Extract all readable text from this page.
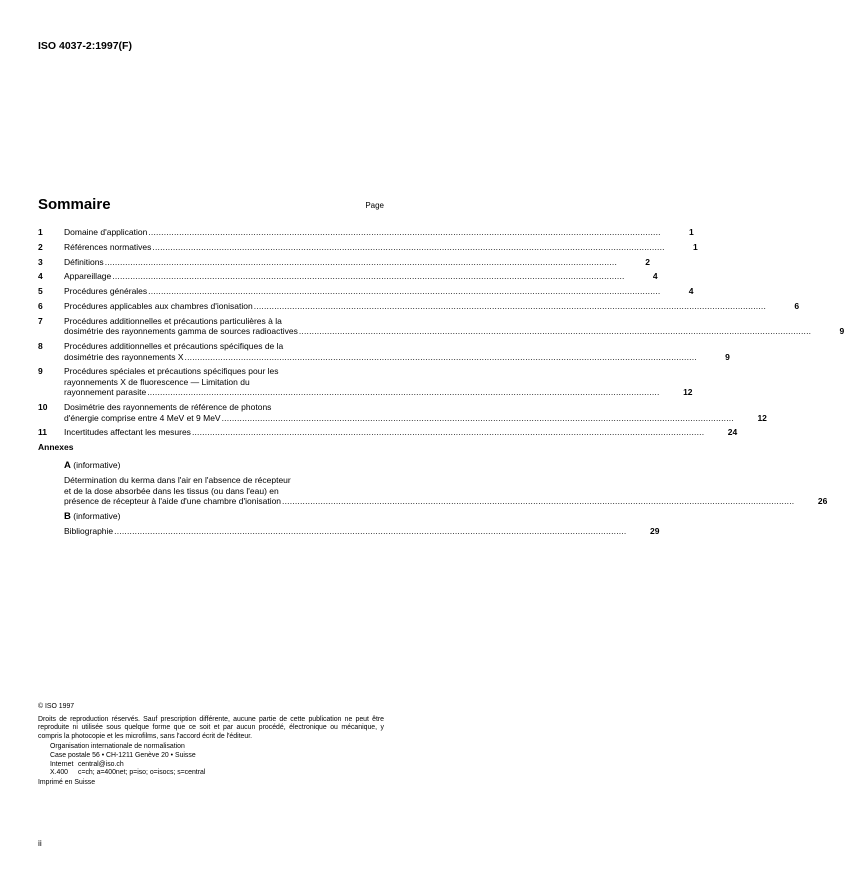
ISO 4037-2:1997(F)
Sommaire	Page
1	Domaine d'application ........................................................................................................................................................................................................	1
2	Références normatives ........................................................................................................................................................................................................	1
3	Définitions ........................................................................................................................................................................................................	2
4	Appareillage ........................................................................................................................................................................................................	4
5	Procédures générales ........................................................................................................................................................................................................	4
6	Procédures applicables aux chambres d'ionisation ........................................................................................................................................................................................................	6
7	Procédures additionnelles et précautions particulières à la
dosimétrie des rayonnements gamma de sources radioactives ........................................................................................................................................................................................................	9
8	Procédures additionnelles et précautions spécifiques de la
dosimétrie des rayonnements X ........................................................................................................................................................................................................	9
9	Procédures spéciales et précautions spécifiques pour les
rayonnements X de fluorescence — Limitation du
rayonnement parasite ........................................................................................................................................................................................................	12
10	Dosimétrie des rayonnements de référence de photons
d'énergie comprise entre 4 MeV et 9 MeV ........................................................................................................................................................................................................	12
11	Incertitudes affectant les mesures ........................................................................................................................................................................................................	24
Annexes
A (informative)
Détermination du kerma dans l'air en l'absence de récepteur
et de la dose absorbée dans les tissus (ou dans l'eau) en
présence de récepteur à l'aide d'une chambre d'ionisation ........................................................................................................................................................................................................	26
B (informative)
Bibliographie ........................................................................................................................................................................................................	29
© ISO 1997
Droits de reproduction réservés. Sauf prescription différente, aucune partie de cette publication ne peut être reproduite ni utilisée sous quelque forme que ce soit et par aucun procédé, électronique ou mécanique, y compris la photocopie et les microfilms, sans l'accord écrit de l'éditeur.
Organisation internationale de normalisation
Case postale 56 • CH-1211 Genève 20 • Suisse
Internet central@iso.ch
X.400	c=ch; a=400net; p=iso; o=isocs; s=central
Imprimé en Suisse
ii
